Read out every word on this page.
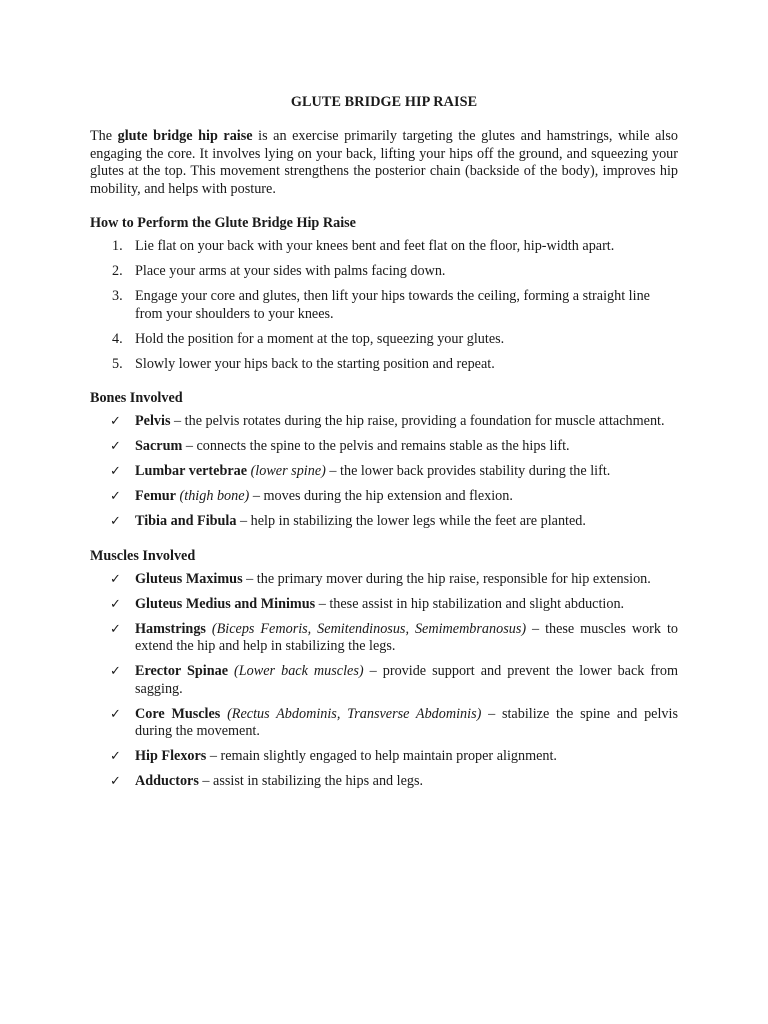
GLUTE BRIDGE HIP RAISE

The glute bridge hip raise is an exercise primarily targeting the glutes and hamstrings, while also engaging the core. It involves lying on your back, lifting your hips off the ground, and squeezing your glutes at the top. This movement strengthens the posterior chain (backside of the body), improves hip mobility, and helps with posture.

How to Perform the Glute Bridge Hip Raise
1. Lie flat on your back with your knees bent and feet flat on the floor, hip-width apart.
2. Place your arms at your sides with palms facing down.
3. Engage your core and glutes, then lift your hips towards the ceiling, forming a straight line from your shoulders to your knees.
4. Hold the position for a moment at the top, squeezing your glutes.
5. Slowly lower your hips back to the starting position and repeat.
Bones Involved
✓ Pelvis – the pelvis rotates during the hip raise, providing a foundation for muscle attachment.
✓ Sacrum – connects the spine to the pelvis and remains stable as the hips lift.
✓ Lumbar vertebrae (lower spine) – the lower back provides stability during the lift.
✓ Femur (thigh bone) – moves during the hip extension and flexion.
✓ Tibia and Fibula – help in stabilizing the lower legs while the feet are planted.
Muscles Involved
✓ Gluteus Maximus – the primary mover during the hip raise, responsible for hip extension.
✓ Gluteus Medius and Minimus – these assist in hip stabilization and slight abduction.
✓ Hamstrings (Biceps Femoris, Semitendinosus, Semimembranosus) – these muscles work to extend the hip and help in stabilizing the legs.
✓ Erector Spinae (Lower back muscles) – provide support and prevent the lower back from sagging.
✓ Core Muscles (Rectus Abdominis, Transverse Abdominis) – stabilize the spine and pelvis during the movement.
✓ Hip Flexors – remain slightly engaged to help maintain proper alignment.
✓ Adductors – assist in stabilizing the hips and legs.
